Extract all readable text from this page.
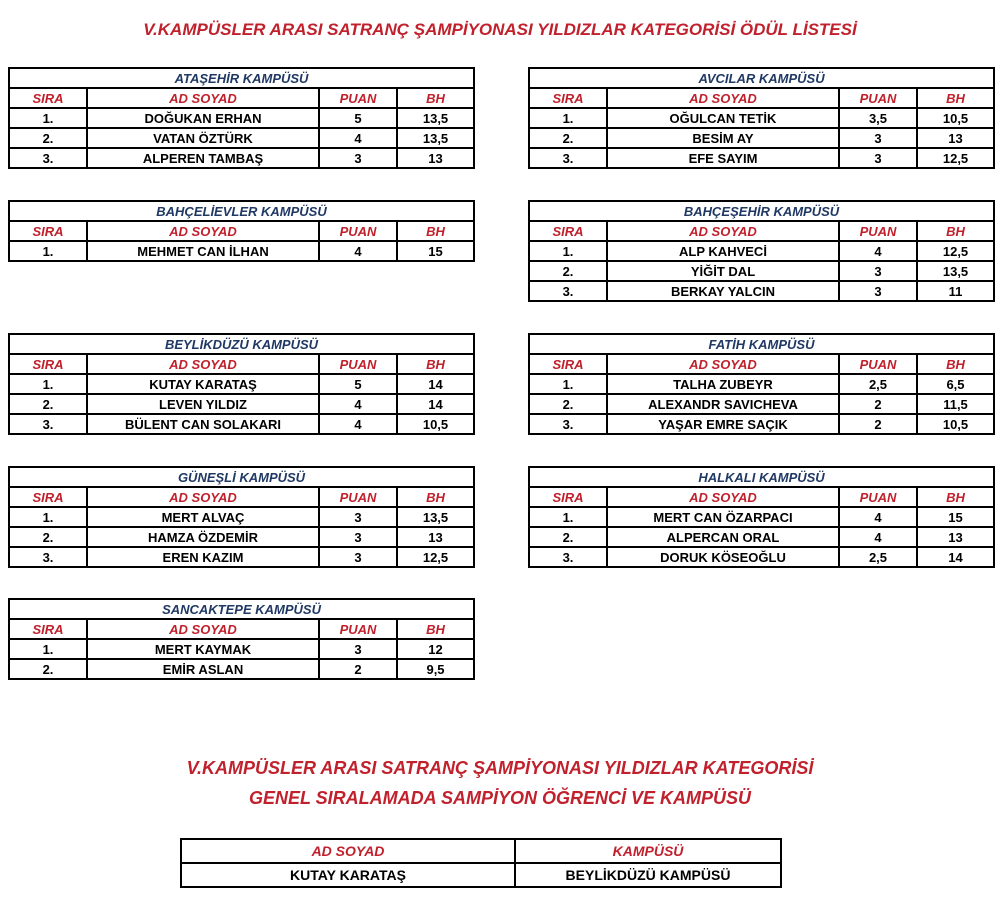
V.KAMPÜSLER ARASI SATRANÇ ŞAMPİYONASI YILDIZLAR KATEGORİSİ ÖDÜL LİSTESİ
ATAŞEHİR KAMPÜSÜ			
SIRA	AD SOYAD	PUAN	BH
1.	DOĞUKAN ERHAN	5	13,5
2.	VATAN ÖZTÜRK	4	13,5
3.	ALPEREN TAMBAŞ	3	13
AVCILAR KAMPÜSÜ			
SIRA	AD SOYAD	PUAN	BH
1.	OĞULCAN TETİK	3,5	10,5
2.	BESİM AY	3	13
3.	EFE SAYIM	3	12,5
BAHÇELİEVLER KAMPÜSÜ			
SIRA	AD SOYAD	PUAN	BH
1.	MEHMET CAN İLHAN	4	15
BAHÇEŞEHİR KAMPÜSÜ			
SIRA	AD SOYAD	PUAN	BH
1.	ALP KAHVECİ	4	12,5
2.	YİĞİT DAL	3	13,5
3.	BERKAY YALCIN	3	11
BEYLİKDÜZÜ KAMPÜSÜ			
SIRA	AD SOYAD	PUAN	BH
1.	KUTAY KARATAŞ	5	14
2.	LEVEN YILDIZ	4	14
3.	BÜLENT CAN SOLAKARI	4	10,5
FATİH KAMPÜSÜ			
SIRA	AD SOYAD	PUAN	BH
1.	TALHA ZUBEYR	2,5	6,5
2.	ALEXANDR SAVICHEVA	2	11,5
3.	YAŞAR EMRE SAÇIK	2	10,5
GÜNEŞLİ KAMPÜSÜ			
SIRA	AD SOYAD	PUAN	BH
1.	MERT ALVAÇ	3	13,5
2.	HAMZA ÖZDEMİR	3	13
3.	EREN KAZIM	3	12,5
HALKALI KAMPÜSÜ			
SIRA	AD SOYAD	PUAN	BH
1.	MERT CAN ÖZARPACI	4	15
2.	ALPERCAN ORAL	4	13
3.	DORUK KÖSEOĞLU	2,5	14
SANCAKTEPE KAMPÜSÜ			
SIRA	AD SOYAD	PUAN	BH
1.	MERT KAYMAK	3	12
2.	EMİR ASLAN	2	9,5
V.KAMPÜSLER ARASI SATRANÇ ŞAMPİYONASI YILDIZLAR KATEGORİSİ
GENEL SIRALAMADA SAMPİYON ÖĞRENCİ VE KAMPÜSÜ
AD SOYAD	KAMPÜSÜ
KUTAY KARATAŞ	BEYLİKDÜZÜ KAMPÜSÜ
